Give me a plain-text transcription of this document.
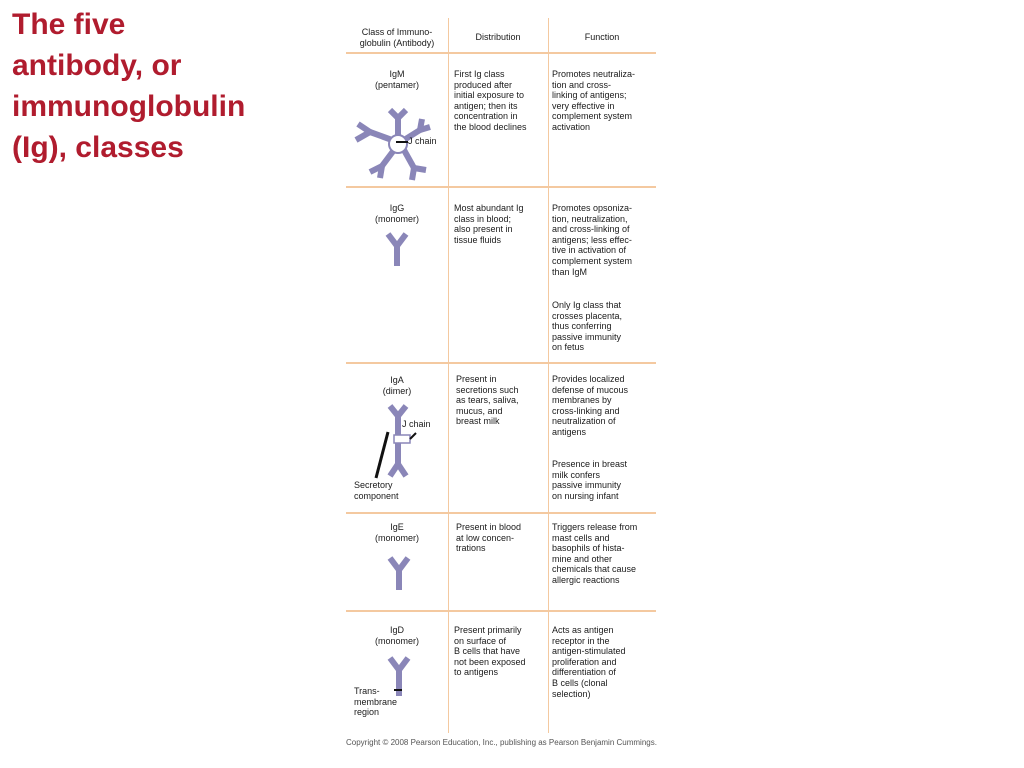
The five
antibody, or
immunoglobulin
(Ig), classes
Class of Immuno-
globulin (Antibody)
Distribution	Function
IgM
(pentamer)
First Ig class
produced after
initial exposure to
antigen; then its
concentration in
the blood declines
Promotes neutraliza-
tion and cross-
linking of antigens;
very effective in
complement system
activation
J chain
IgG
(monomer)
Most abundant Ig
class in blood;
also present in
tissue fluids
Promotes opsoniza-
tion, neutralization,
and cross-linking of
antigens; less effec-
tive in activation of
complement system
than IgM
Only Ig class that
crosses placenta,
thus conferring
passive immunity
on fetus
IgA
(dimer)
Present in
secretions such
as tears, saliva,
mucus, and
breast milk
Provides localized
defense of mucous
membranes by
cross-linking and
neutralization of
antigens
Presence in breast
milk confers
passive immunity
on nursing infant
J chain
Secretory
component
IgE
(monomer)
Present in blood
at low concen-
trations
Triggers release from
mast cells and
basophils of hista-
mine and other
chemicals that cause
allergic reactions
IgD
(monomer)
Present primarily
on surface of
B cells that have
not been exposed
to antigens
Acts as antigen
receptor in the
antigen-stimulated
proliferation and
differentiation of
B cells (clonal
selection)
Trans-
membrane
region
Copyright © 2008 Pearson Education, Inc., publishing as Pearson Benjamin Cummings.
